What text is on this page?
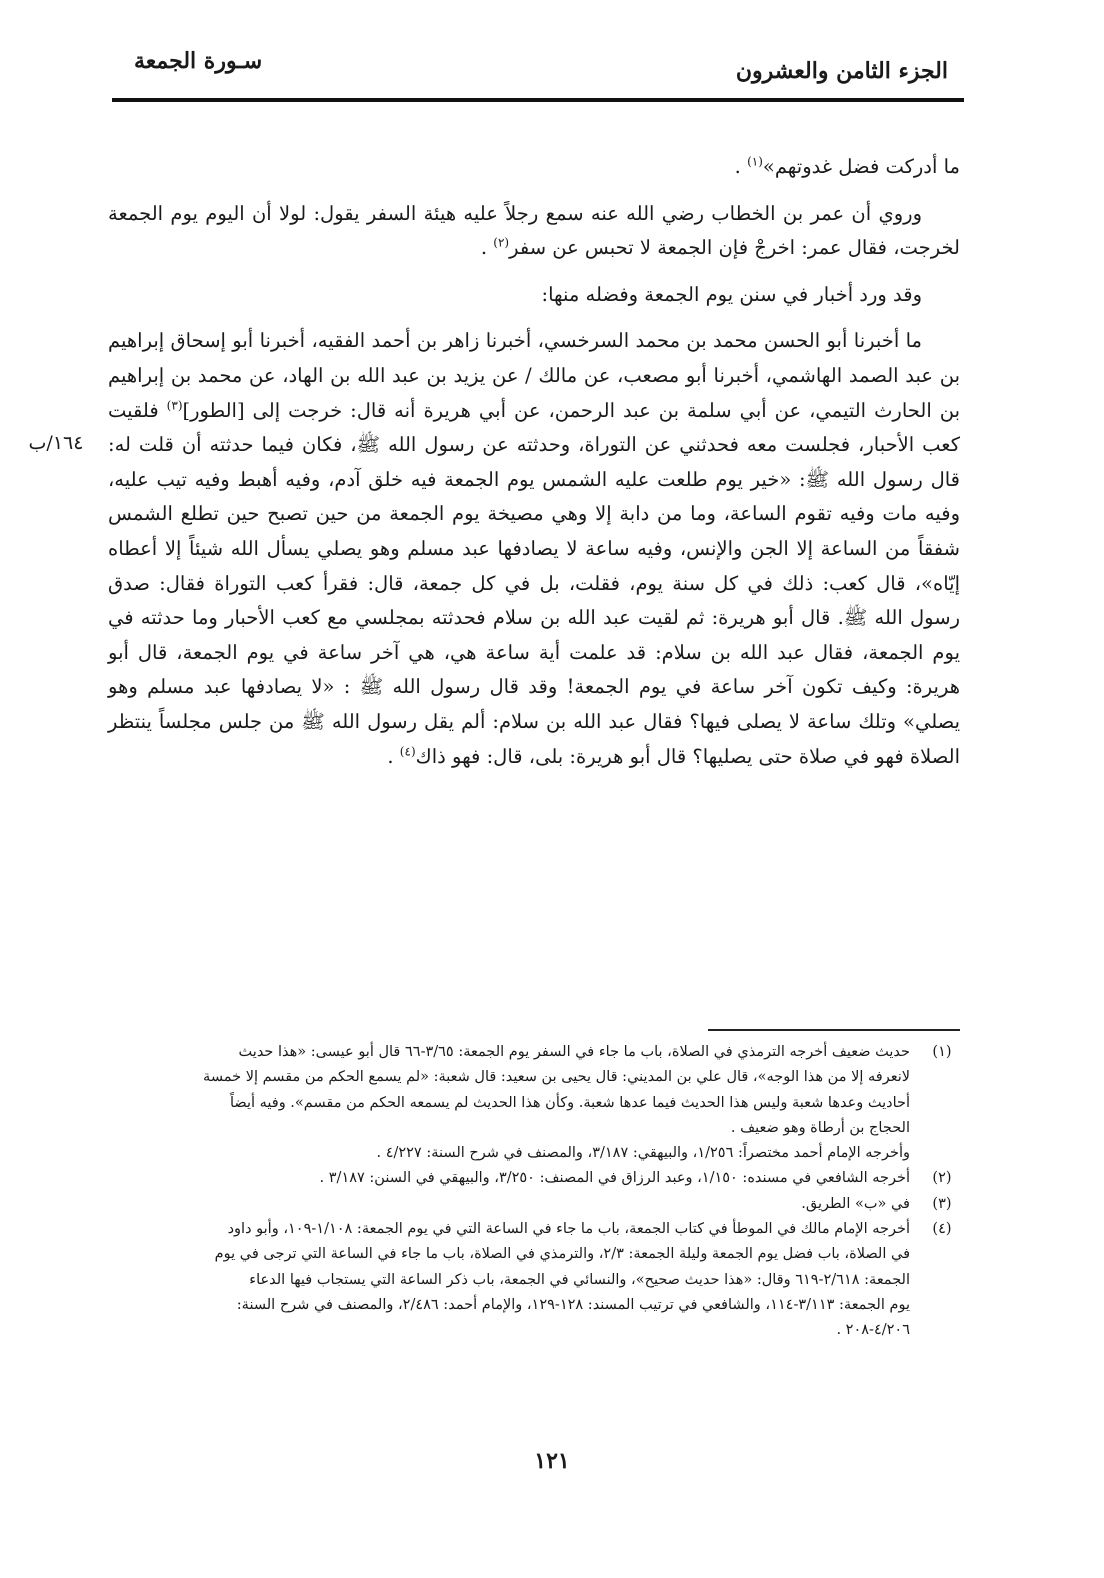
الجزء الثامن والعشرون
سـورة الجمعة
١٦٤/ب

ما أدركت فضل غدوتهم»$^{(١)}$ .

وروي أن عمر بن الخطاب رضي الله عنه سمع رجلاً عليه هيئة السفر يقول: لولا أن اليوم يوم الجمعة لخرجت، فقال عمر: اخرجْ فإن الجمعة لا تحبس عن سفر$^{(٢)}$ .

وقد ورد أخبار في سنن يوم الجمعة وفضله منها:

ما أخبرنا أبو الحسن محمد بن محمد السرخسي، أخبرنا زاهر بن أحمد الفقيه، أخبرنا أبو إسحاق إبراهيم بن عبد الصمد الهاشمي، أخبرنا أبو مصعب، عن مالك / عن يزيد بن عبد الله بن الهاد، عن محمد بن إبراهيم بن الحارث التيمي، عن أبي سلمة بن عبد الرحمن، عن أبي هريرة أنه قال: خرجت إلى [الطور]$^{(٣)}$ فلقيت كعب الأحبار، فجلست معه فحدثني عن التوراة، وحدثته عن رسول الله ﷺ، فكان فيما حدثته أن قلت له: قال رسول الله ﷺ: «خير يوم طلعت عليه الشمس يوم الجمعة فيه خلق آدم، وفيه أهبط وفيه تيب عليه، وفيه مات وفيه تقوم الساعة، وما من دابة إلا وهي مصيخة يوم الجمعة من حين تصبح حين تطلع الشمس شفقاً من الساعة إلا الجن والإنس، وفيه ساعة لا يصادفها عبد مسلم وهو يصلي يسأل الله شيئاً إلا أعطاه إيّاه»، قال كعب: ذلك في كل سنة يوم، فقلت، بل في كل جمعة، قال: فقرأ كعب التوراة فقال: صدق رسول الله ﷺ. قال أبو هريرة: ثم لقيت عبد الله بن سلام فحدثته بمجلسي مع كعب الأحبار وما حدثته في يوم الجمعة، فقال عبد الله بن سلام: قد علمت أية ساعة هي، هي آخر ساعة في يوم الجمعة، قال أبو هريرة: وكيف تكون آخر ساعة في يوم الجمعة! وقد قال رسول الله ﷺ : «لا يصادفها عبد مسلم وهو يصلي» وتلك ساعة لا يصلى فيها؟ فقال عبد الله بن سلام: ألم يقل رسول الله ﷺ من جلس مجلساً ينتظر الصلاة فهو في صلاة حتى يصليها؟ قال أبو هريرة: بلى، قال: فهو ذاك$^{(٤)}$ .

(١)
حديث ضعيف أخرجه الترمذي في الصلاة، باب ما جاء في السفر يوم الجمعة: ٣/٦٥-٦٦ قال أبو عيسى: «هذا حديث
لانعرفه إلا من هذا الوجه»، قال علي بن المديني: قال يحيى بن سعيد: قال شعبة: «لم يسمع الحكم من مقسم إلا خمسة
أحاديث وعدها شعبة وليس هذا الحديث فيما عدها شعبة. وكأن هذا الحديث لم يسمعه الحكم من مقسم». وفيه أيضاً
الحجاج بن أرطاة وهو ضعيف .
وأخرجه الإمام أحمد مختصراً: ١/٢٥٦، والبيهقي: ٣/١٨٧، والمصنف في شرح السنة: ٤/٢٢٧ .
(٢)
أخرجه الشافعي في مسنده: ١/١٥٠، وعبد الرزاق في المصنف: ٣/٢٥٠، والبيهقي في السنن: ٣/١٨٧ .
(٣)
في «ب» الطريق.
(٤)
أخرجه الإمام مالك في الموطأ في كتاب الجمعة، باب ما جاء في الساعة التي في يوم الجمعة: ١/١٠٨-١٠٩، وأبو داود
في الصلاة، باب فضل يوم الجمعة وليلة الجمعة: ٢/٣، والترمذي في الصلاة، باب ما جاء في الساعة التي ترجى في يوم
الجمعة: ٢/٦١٨-٦١٩ وقال: «هذا حديث صحيح»، والنسائي في الجمعة، باب ذكر الساعة التي يستجاب فيها الدعاء
يوم الجمعة: ٣/١١٣-١١٤، والشافعي في ترتيب المسند: ١٢٨-١٢٩، والإمام أحمد: ٢/٤٨٦، والمصنف في شرح السنة:
٤/٢٠٦-٢٠٨ .
١٢١
